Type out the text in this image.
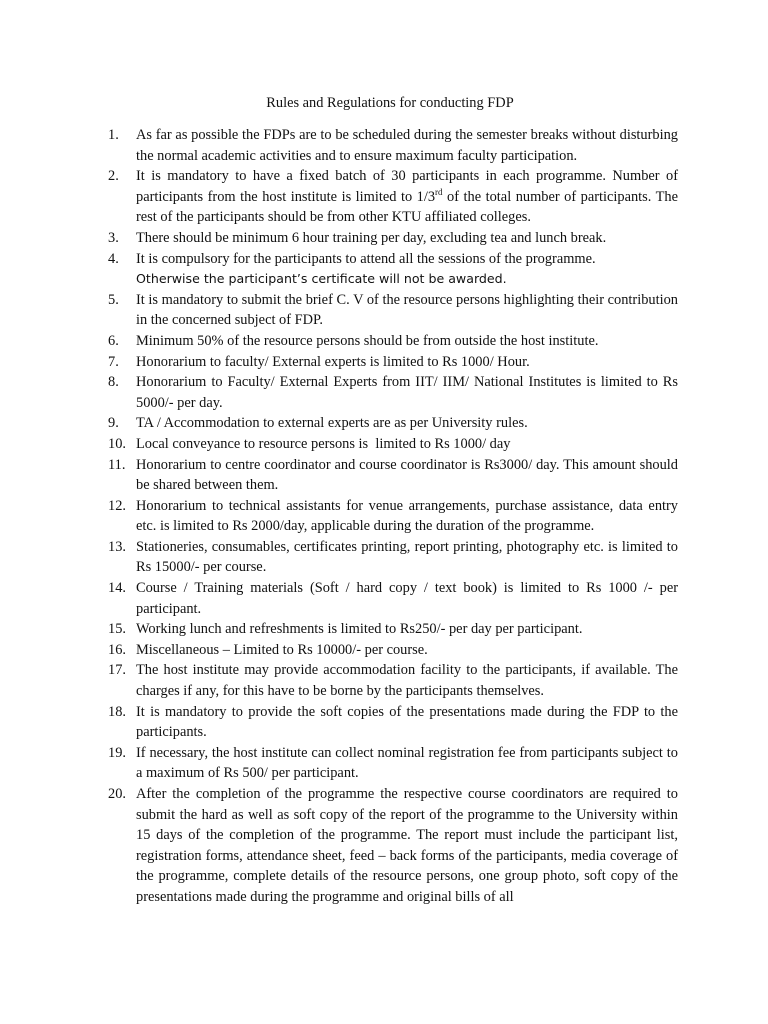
Rules and Regulations for conducting FDP
1.	As far as possible the FDPs are to be scheduled during the semester breaks without disturbing the normal academic activities and to ensure maximum faculty participation.
2.	It is mandatory to have a fixed batch of 30 participants in each programme. Number of participants from the host institute is limited to 1/3rd of the total number of participants. The rest of the participants should be from other KTU affiliated colleges.
3.	There should be minimum 6 hour training per day, excluding tea and lunch break.
4.	It is compulsory for the participants to attend all the sessions of the programme.
Otherwise the participant’s certificate will not be awarded.
5.	It is mandatory to submit the brief C. V of the resource persons highlighting their contribution in the concerned subject of FDP.
6.	Minimum 50% of the resource persons should be from outside the host institute.
7.	Honorarium to faculty/ External experts is limited to Rs 1000/ Hour.
8.	Honorarium to Faculty/ External Experts from IIT/ IIM/ National Institutes is limited to Rs 5000/- per day.
9.	TA / Accommodation to external experts are as per University rules.
10. Local conveyance to resource persons is  limited to Rs 1000/ day
11. Honorarium to centre coordinator and course coordinator is Rs3000/ day. This amount should be shared between them.
12. Honorarium to technical assistants for venue arrangements, purchase assistance, data entry etc. is limited to Rs 2000/day, applicable during the duration of the programme.
13. Stationeries, consumables, certificates printing, report printing, photography etc. is limited to Rs 15000/- per course.
14. Course / Training materials (Soft / hard copy / text book) is limited to Rs 1000 /- per participant.
15. Working lunch and refreshments is limited to Rs250/- per day per participant.
16. Miscellaneous – Limited to Rs 10000/- per course.
17. The host institute may provide accommodation facility to the participants, if available. The charges if any, for this have to be borne by the participants themselves.
18. It is mandatory to provide the soft copies of the presentations made during the FDP to the participants.
19. If necessary, the host institute can collect nominal registration fee from participants subject to a maximum of Rs 500/ per participant.
20. After the completion of the programme the respective course coordinators are required to submit the hard as well as soft copy of the report of the programme to the University within 15 days of the completion of the programme. The report must include the participant list, registration forms, attendance sheet, feed – back forms of the participants, media coverage of the programme, complete details of the resource persons, one group photo, soft copy of the presentations made during the programme and original bills of all
